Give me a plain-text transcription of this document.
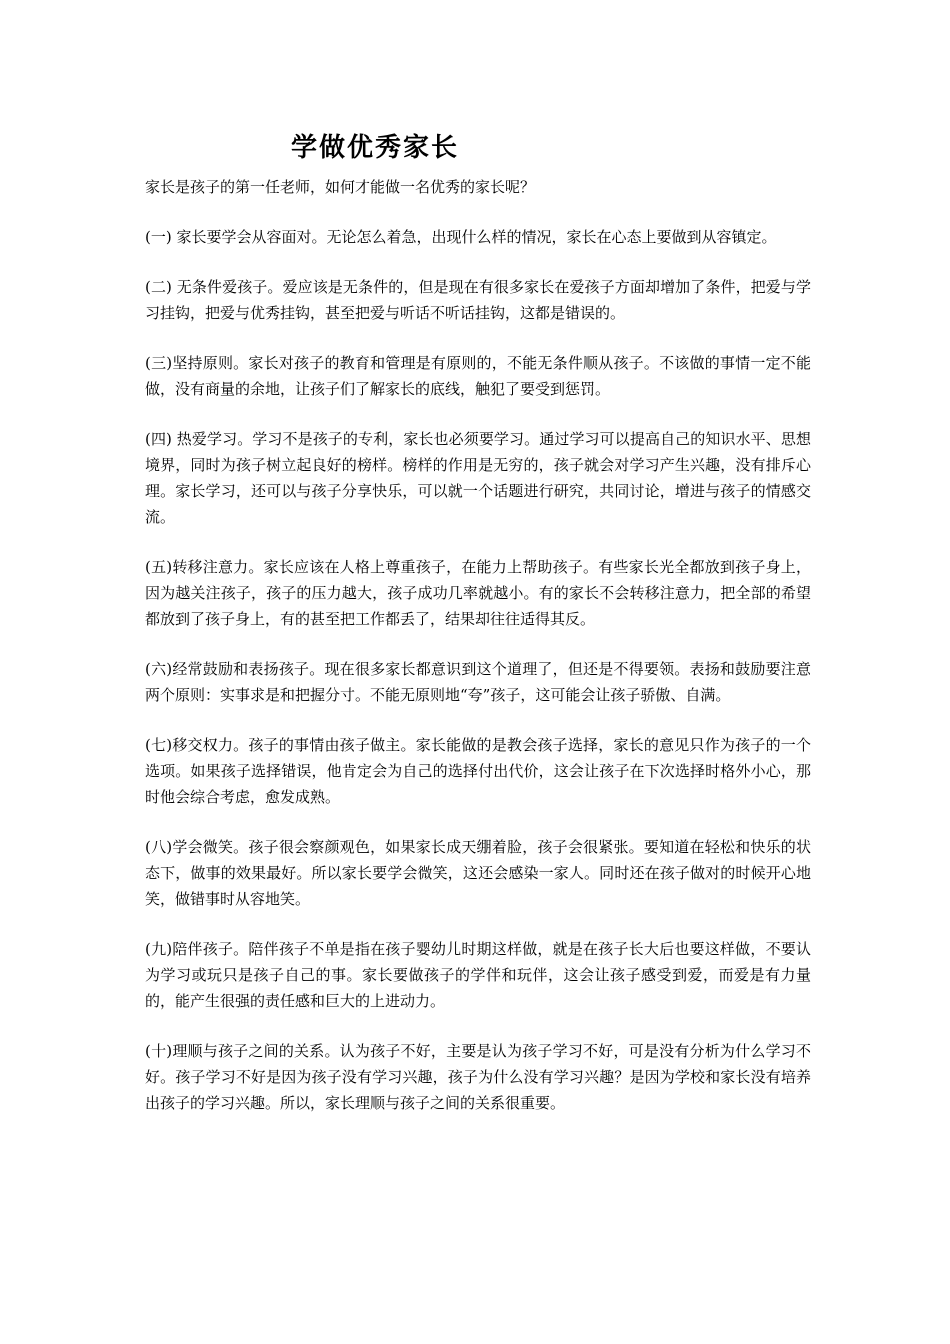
学做优秀家长

家长是孩子的第一任老师，如何才能做一名优秀的家长呢？

(一) 家长要学会从容面对。无论怎么着急，出现什么样的情况，家长在心态上要做到从容镇定。

(二) 无条件爱孩子。爱应该是无条件的，但是现在有很多家长在爱孩子方面却增加了条件，把爱与学习挂钩，把爱与优秀挂钩，甚至把爱与听话不听话挂钩，这都是错误的。

(三)坚持原则。家长对孩子的教育和管理是有原则的，不能无条件顺从孩子。不该做的事情一定不能做，没有商量的余地，让孩子们了解家长的底线，触犯了要受到惩罚。

(四) 热爱学习。学习不是孩子的专利，家长也必须要学习。通过学习可以提高自己的知识水平、思想境界，同时为孩子树立起良好的榜样。榜样的作用是无穷的，孩子就会对学习产生兴趣，没有排斥心理。家长学习，还可以与孩子分享快乐，可以就一个话题进行研究，共同讨论，增进与孩子的情感交流。

(五)转移注意力。家长应该在人格上尊重孩子，在能力上帮助孩子。有些家长光全都放到孩子身上，因为越关注孩子，孩子的压力越大，孩子成功几率就越小。有的家长不会转移注意力，把全部的希望都放到了孩子身上，有的甚至把工作都丢了，结果却往往适得其反。

(六)经常鼓励和表扬孩子。现在很多家长都意识到这个道理了，但还是不得要领。表扬和鼓励要注意两个原则：实事求是和把握分寸。不能无原则地“夸”孩子，这可能会让孩子骄傲、自满。

(七)移交权力。孩子的事情由孩子做主。家长能做的是教会孩子选择，家长的意见只作为孩子的一个选项。如果孩子选择错误，他肯定会为自己的选择付出代价，这会让孩子在下次选择时格外小心，那时他会综合考虑，愈发成熟。

(八)学会微笑。孩子很会察颜观色，如果家长成天绷着脸，孩子会很紧张。要知道在轻松和快乐的状态下，做事的效果最好。所以家长要学会微笑，这还会感染一家人。同时还在孩子做对的时候开心地笑，做错事时从容地笑。

(九)陪伴孩子。陪伴孩子不单是指在孩子婴幼儿时期这样做，就是在孩子长大后也要这样做，不要认为学习或玩只是孩子自己的事。家长要做孩子的学伴和玩伴，这会让孩子感受到爱，而爱是有力量的，能产生很强的责任感和巨大的上进动力。

(十)理顺与孩子之间的关系。认为孩子不好，主要是认为孩子学习不好，可是没有分析为什么学习不好。孩子学习不好是因为孩子没有学习兴趣，孩子为什么没有学习兴趣？是因为学校和家长没有培养出孩子的学习兴趣。所以，家长理顺与孩子之间的关系很重要。
